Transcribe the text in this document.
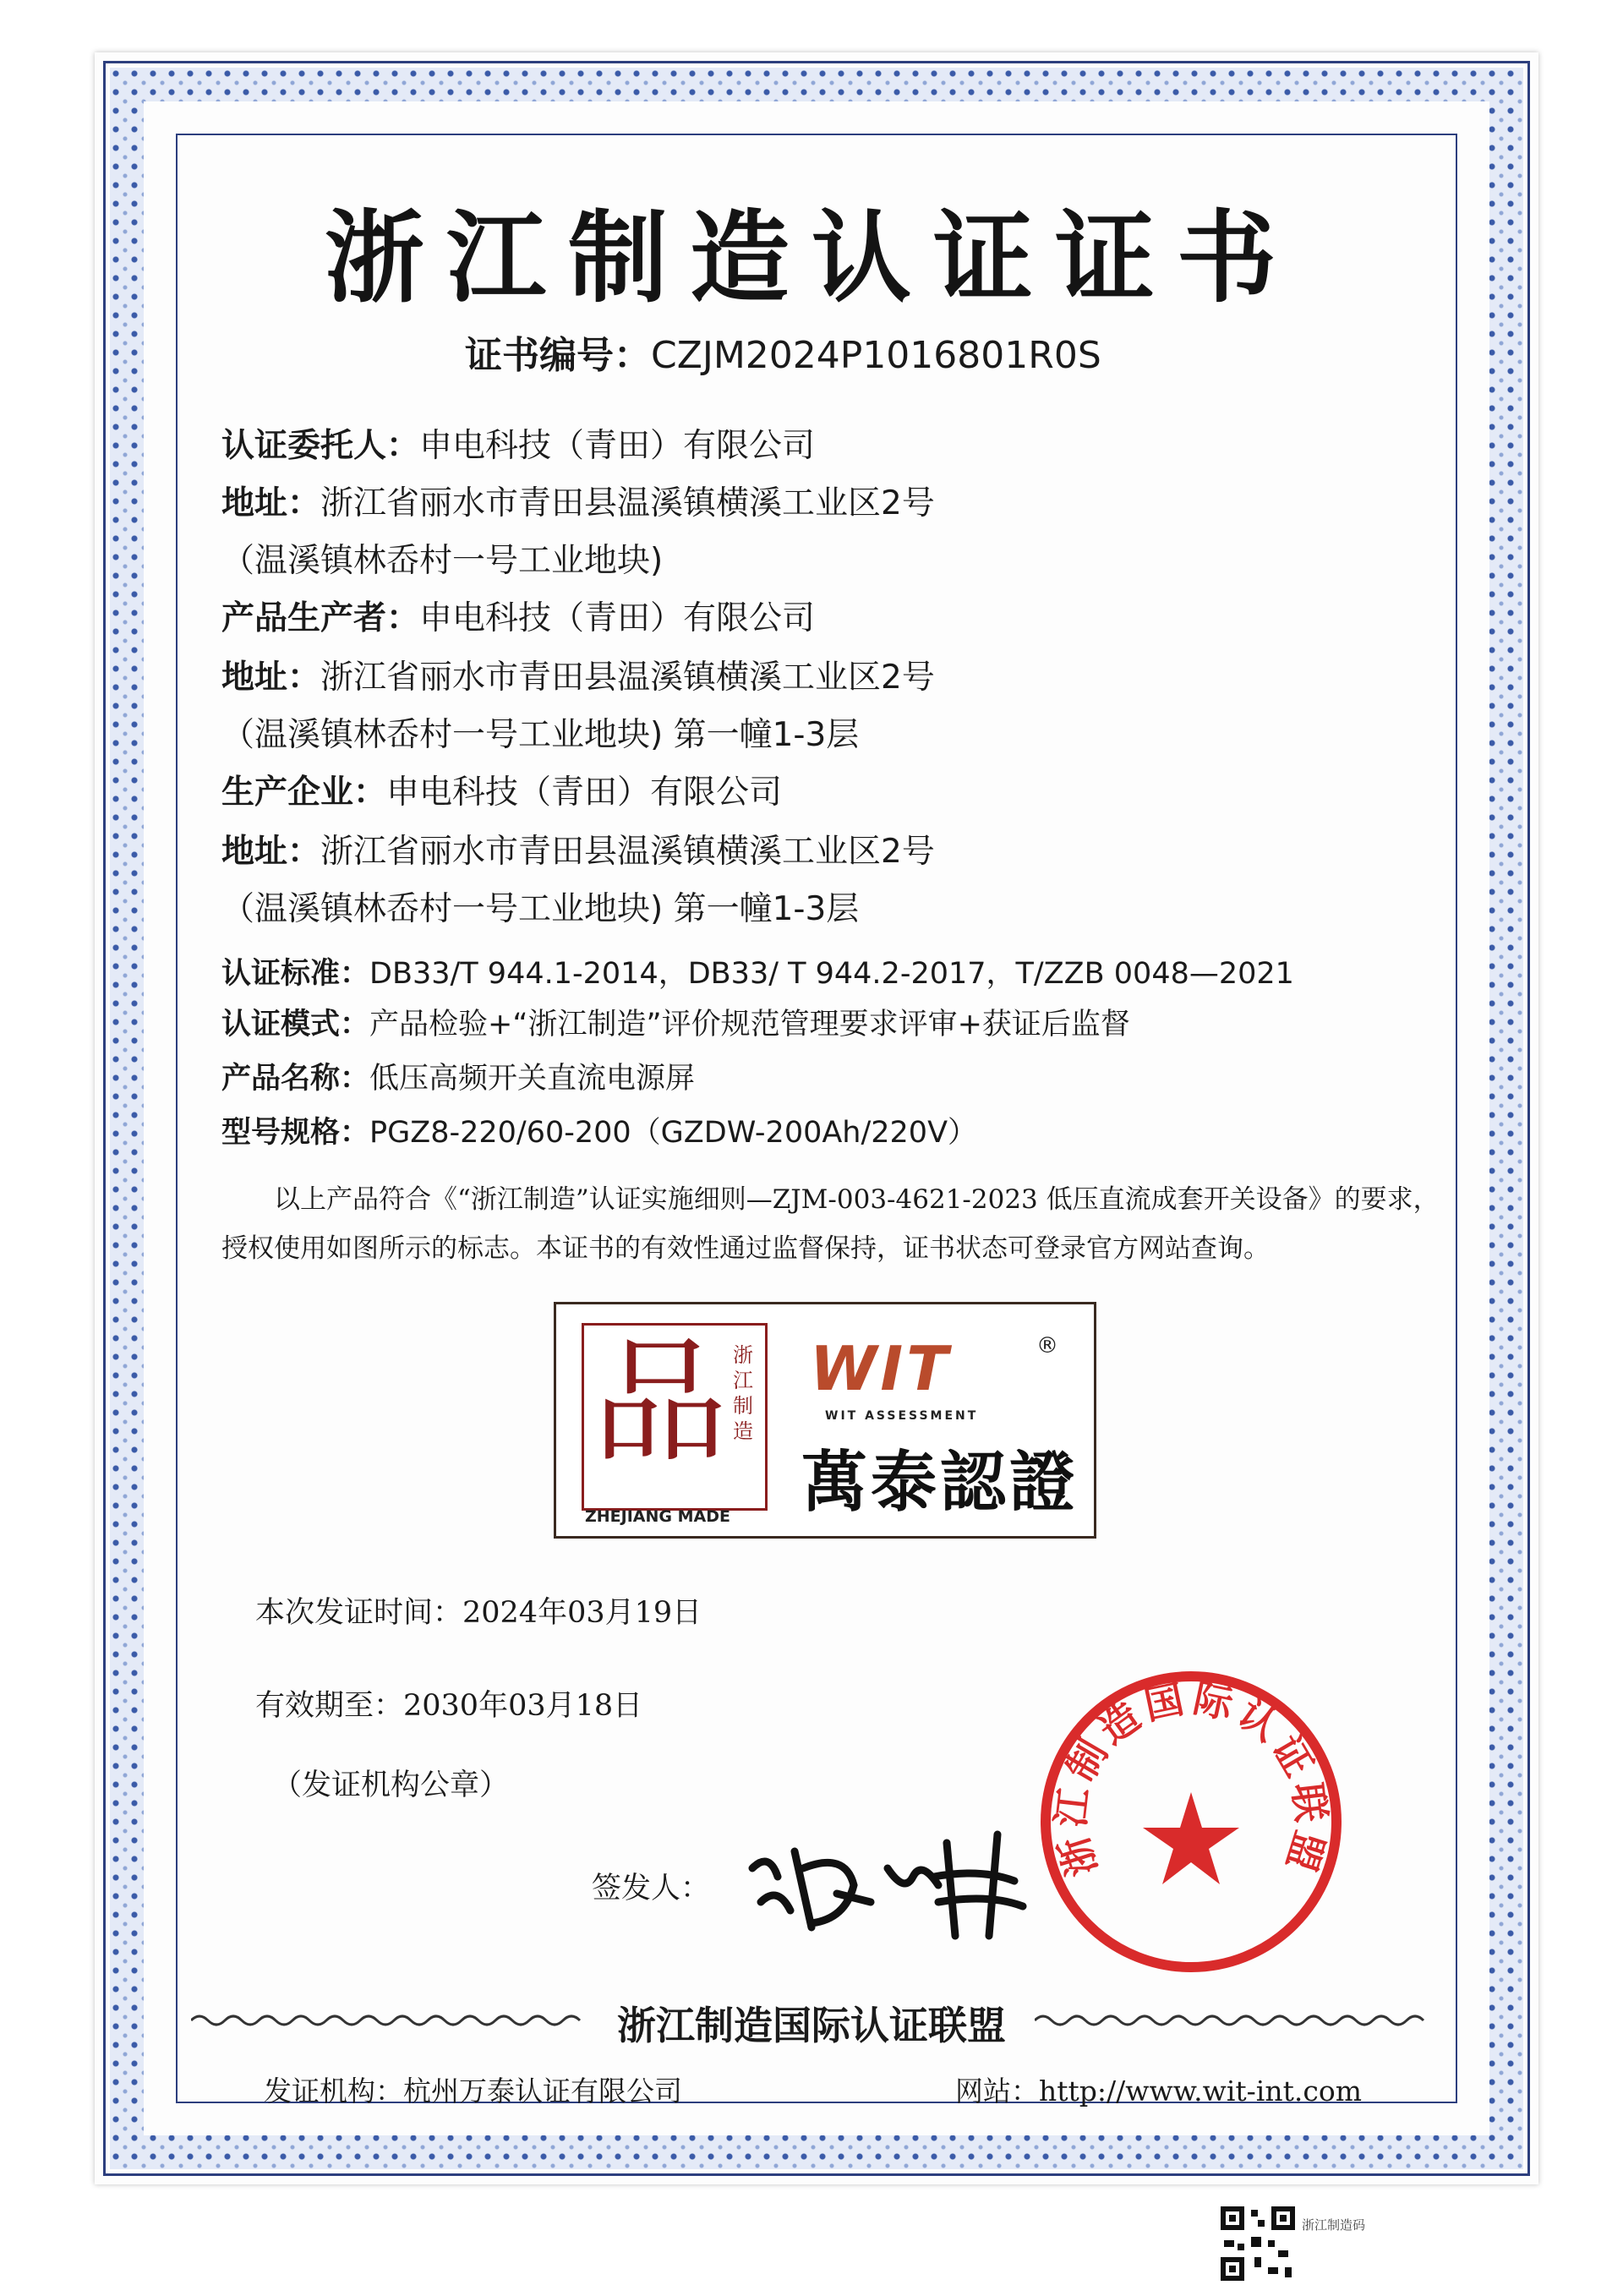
浙江制造认证证书
证书编号：CZJM2024P1016801R0S
认证委托人：申电科技（青田）有限公司
地址：浙江省丽水市青田县温溪镇横溪工业区2号
（温溪镇林岙村一号工业地块)
产品生产者：申电科技（青田）有限公司
地址：浙江省丽水市青田县温溪镇横溪工业区2号
（温溪镇林岙村一号工业地块) 第一幢1-3层
生产企业：申电科技（青田）有限公司
地址：浙江省丽水市青田县温溪镇横溪工业区2号
（温溪镇林岙村一号工业地块) 第一幢1-3层
认证标准：DB33/T 944.1-2014，DB33/ T 944.2-2017，T/ZZB 0048—2021
认证模式：产品检验+“浙江制造”评价规范管理要求评审+获证后监督
产品名称：低压高频开关直流电源屏
型号规格：PGZ8-220/60-200（GZDW-200Ah/220V）
以上产品符合《“浙江制造”认证实施细则—ZJM-003-4621-2023 低压直流成套开关设备》的要求，授权使用如图所示的标志。本证书的有效性通过监督保持，证书状态可登录官方网站查询。
品 浙江制造
ZHEJIANG MADE
WIT	®
WIT ASSESSMENT
萬泰認證
本次发证时间：2024年03月19日
有效期至：2030年03月18日
（发证机构公章）
签发人：
浙江制造国际认证联盟
浙江制造国际认证联盟
发证机构：杭州万泰认证有限公司	网站：http://www.wit-int.com
浙江制造码
